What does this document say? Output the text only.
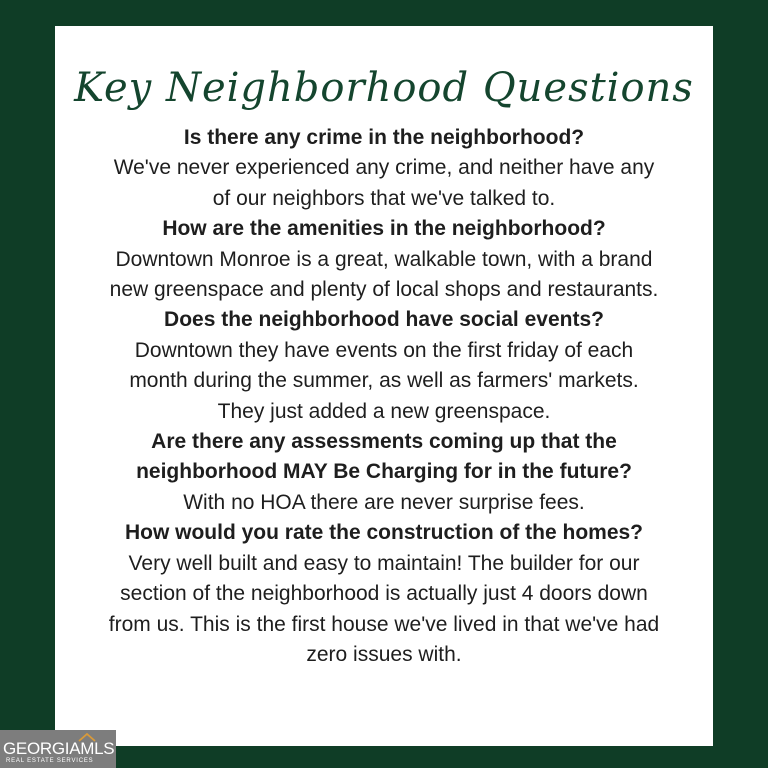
Key Neighborhood Questions
Is there any crime in the neighborhood?
We've never experienced any crime, and neither have any
of our neighbors that we've talked to.
How are the amenities in the neighborhood?
Downtown Monroe is a great, walkable town, with a brand
new greenspace and plenty of local shops and restaurants.
Does the neighborhood have social events?
Downtown they have events on the first friday of each
month during the summer, as well as farmers' markets.
They just added a new greenspace.
Are there any assessments coming up that the
neighborhood MAY Be Charging for in the future?
With no HOA there are never surprise fees.
How would you rate the construction of the homes?
Very well built and easy to maintain! The builder for our
section of the neighborhood is actually just 4 doors down
from us. This is the first house we've lived in that we've had
zero issues with.
GEORGIAMLS
REAL ESTATE SERVICES
